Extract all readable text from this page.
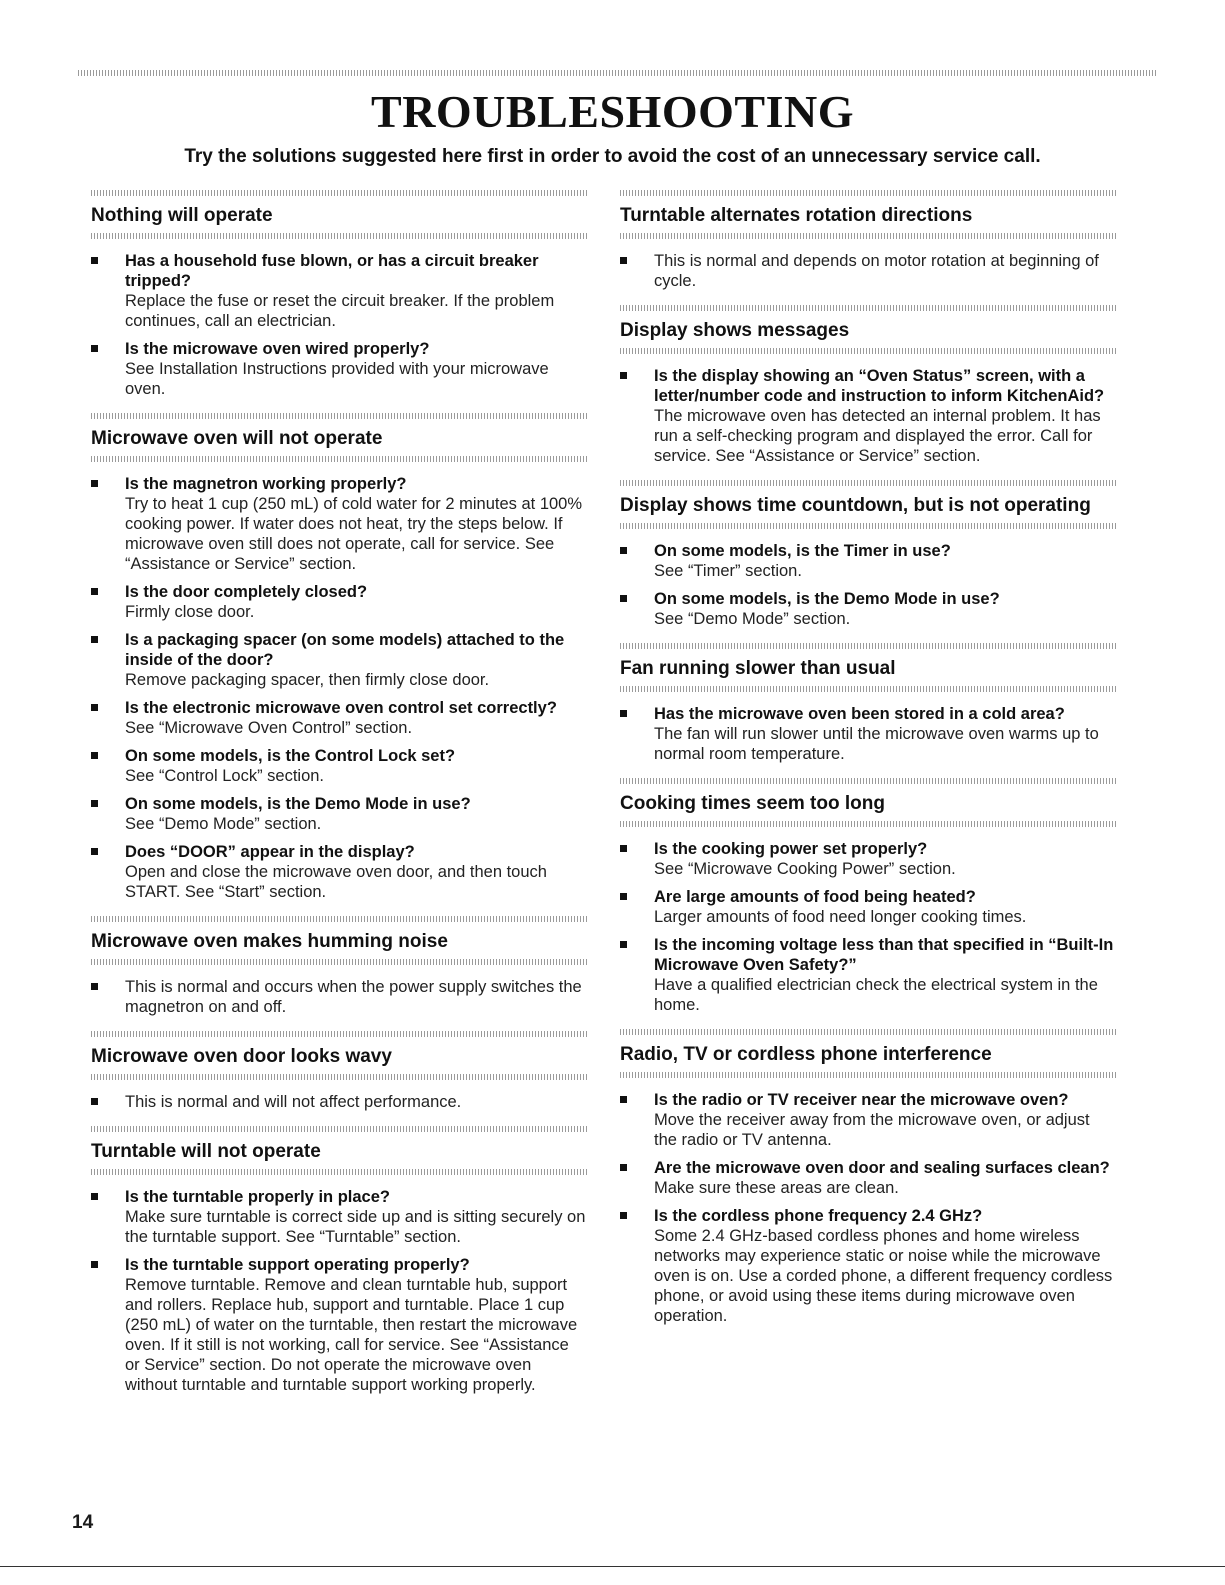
TROUBLESHOOTING
Try the solutions suggested here first in order to avoid the cost of an unnecessary service call.
Nothing will operate
Has a household fuse blown, or has a circuit breaker tripped?
Replace the fuse or reset the circuit breaker. If the problem continues, call an electrician.
Is the microwave oven wired properly?
See Installation Instructions provided with your microwave oven.
Microwave oven will not operate
Is the magnetron working properly?
Try to heat 1 cup (250 mL) of cold water for 2 minutes at 100% cooking power. If water does not heat, try the steps below. If microwave oven still does not operate, call for service. See “Assistance or Service” section.
Is the door completely closed?
Firmly close door.
Is a packaging spacer (on some models) attached to the inside of the door?
Remove packaging spacer, then firmly close door.
Is the electronic microwave oven control set correctly?
See “Microwave Oven Control” section.
On some models, is the Control Lock set?
See “Control Lock” section.
On some models, is the Demo Mode in use?
See “Demo Mode” section.
Does “DOOR” appear in the display?
Open and close the microwave oven door, and then touch START. See “Start” section.
Microwave oven makes humming noise
This is normal and occurs when the power supply switches the magnetron on and off.
Microwave oven door looks wavy
This is normal and will not affect performance.
Turntable will not operate
Is the turntable properly in place?
Make sure turntable is correct side up and is sitting securely on the turntable support. See “Turntable” section.
Is the turntable support operating properly?
Remove turntable. Remove and clean turntable hub, support and rollers. Replace hub, support and turntable. Place 1 cup (250 mL) of water on the turntable, then restart the microwave oven. If it still is not working, call for service. See “Assistance or Service” section. Do not operate the microwave oven without turntable and turntable support working properly.
Turntable alternates rotation directions
This is normal and depends on motor rotation at beginning of cycle.
Display shows messages
Is the display showing an “Oven Status” screen, with a letter/number code and instruction to inform KitchenAid?
The microwave oven has detected an internal problem. It has run a self-checking program and displayed the error. Call for service. See “Assistance or Service” section.
Display shows time countdown, but is not operating
On some models, is the Timer in use?
See “Timer” section.
On some models, is the Demo Mode in use?
See “Demo Mode” section.
Fan running slower than usual
Has the microwave oven been stored in a cold area?
The fan will run slower until the microwave oven warms up to normal room temperature.
Cooking times seem too long
Is the cooking power set properly?
See “Microwave Cooking Power” section.
Are large amounts of food being heated?
Larger amounts of food need longer cooking times.
Is the incoming voltage less than that specified in “Built-In Microwave Oven Safety?”
Have a qualified electrician check the electrical system in the home.
Radio, TV or cordless phone interference
Is the radio or TV receiver near the microwave oven?
Move the receiver away from the microwave oven, or adjust the radio or TV antenna.
Are the microwave oven door and sealing surfaces clean?
Make sure these areas are clean.
Is the cordless phone frequency 2.4 GHz?
Some 2.4 GHz-based cordless phones and home wireless networks may experience static or noise while the microwave oven is on. Use a corded phone, a different frequency cordless phone, or avoid using these items during microwave oven operation.
14
